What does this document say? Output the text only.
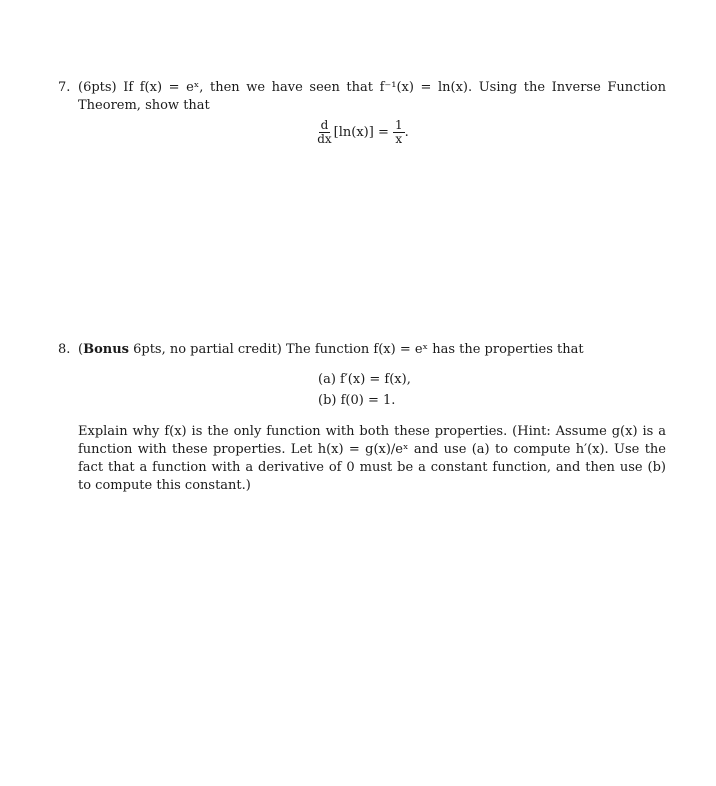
7. (6pts) If f(x) = eˣ, then we have seen that f⁻¹(x) = ln(x). Using the Inverse Function Theorem, show that
$\frac{d}{dx} [\ln(x)] = \frac{1}{x}$ .
8. (Bonus 6pts, no partial credit) The function f(x) = eˣ has the properties that
(a) f′(x) = f(x),
(b) f(0) = 1.
Explain why f(x) is the only function with both these properties. (Hint: Assume g(x) is a function with these properties. Let h(x) = g(x)/eˣ and use (a) to compute h′(x). Use the fact that a function with a derivative of 0 must be a constant function, and then use (b) to compute this constant.)
